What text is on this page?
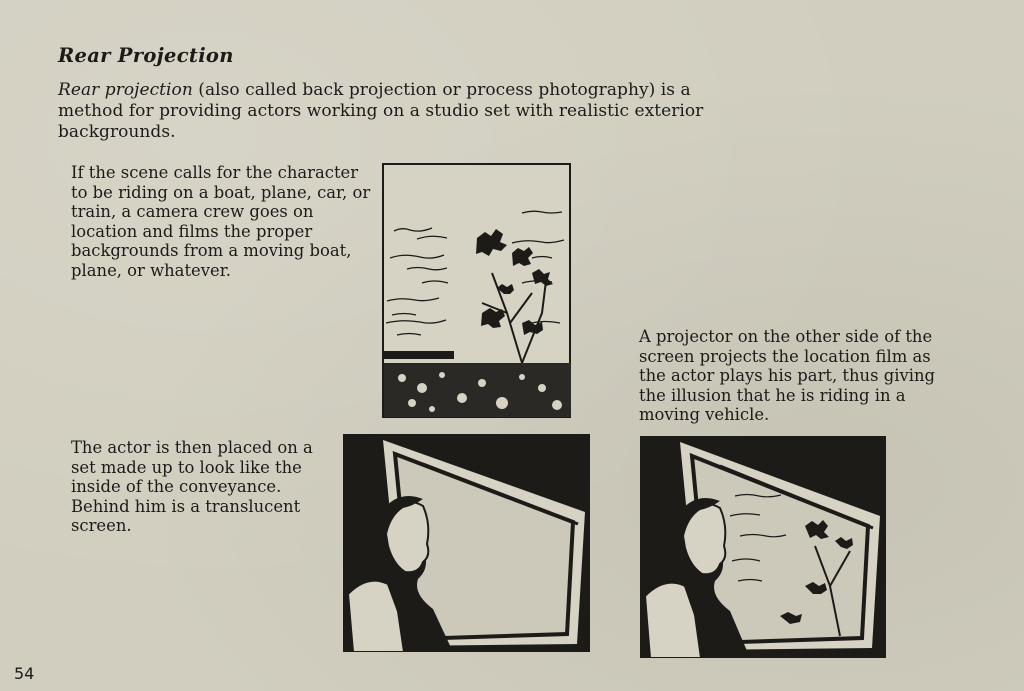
Rear Projection

Rear projection (also called back projection or process photography) is a method for providing actors working on a studio set with realistic exterior backgrounds.

If the scene calls for the character to be riding on a boat, plane, car, or train, a camera crew goes on location and films the proper backgrounds from a moving boat, plane, or whatever.

A projector on the other side of the screen projects the location film as the actor plays his part, thus giving the illusion that he is riding in a moving vehicle.

The actor is then placed on a set made up to look like the inside of the conveyance. Behind him is a translucent screen.

54
